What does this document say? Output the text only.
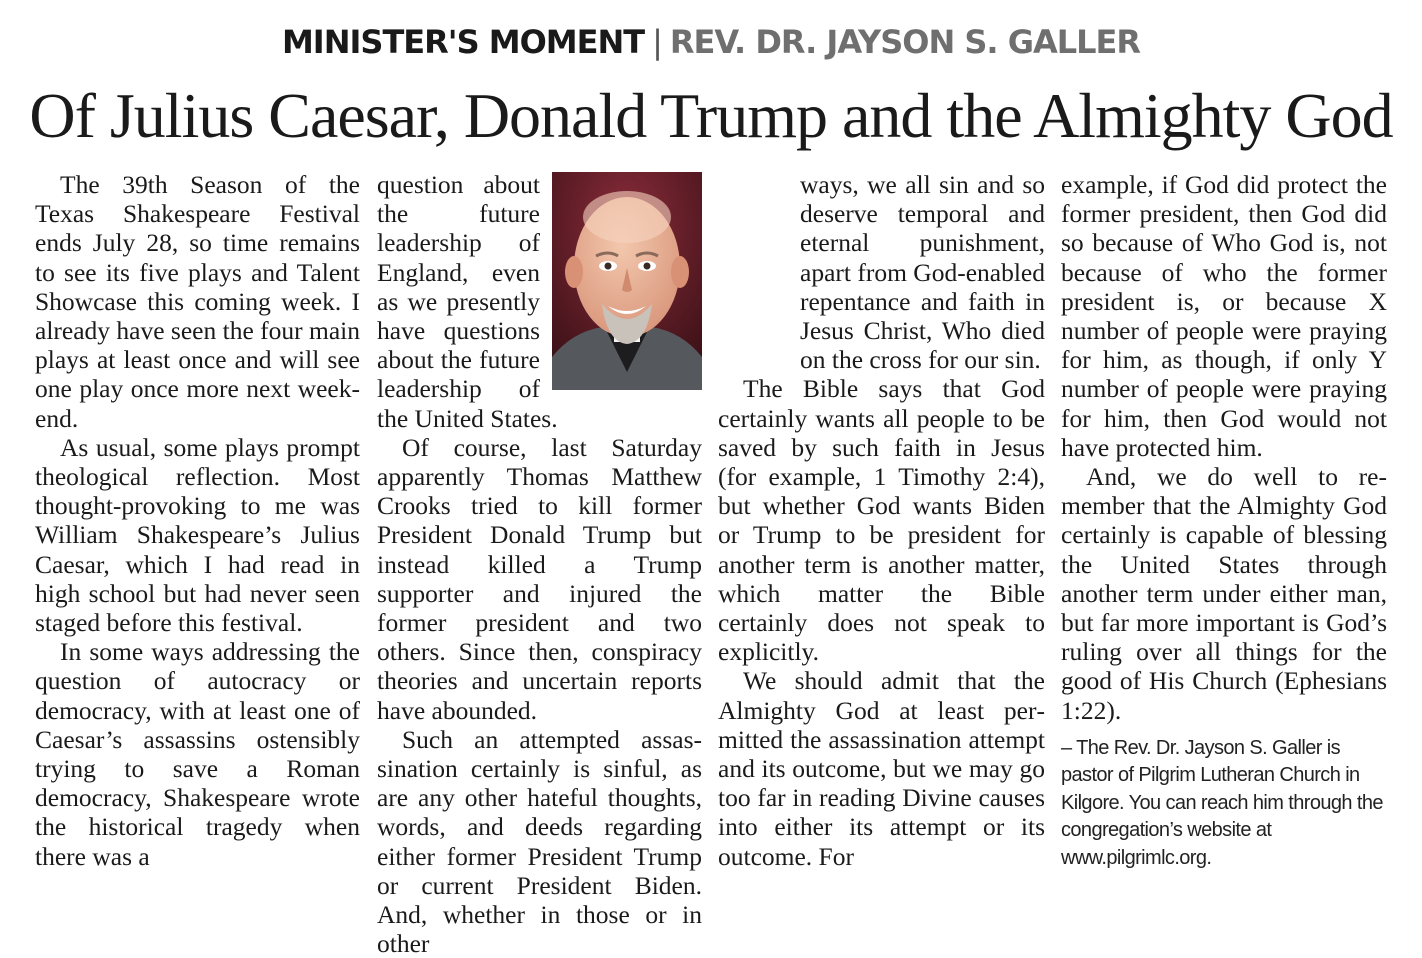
MINISTER'S MOMENT | REV. DR. JAYSON S. GALLER
Of Julius Caesar, Donald Trump and the Almighty God

The 39th Season of the Texas Shakespeare Festival ends July 28, so time remains to see its five plays and Talent Showcase this coming week. I already have seen the four main plays at least once and will see one play once more next weekend.

As usual, some plays prompt theological reflection. Most thought-provoking to me was William Shakespeare’s Julius Caesar, which I had read in high school but had never seen staged before this festival.

In some ways addressing the question of autocracy or democracy, with at least one of Caesar’s assassins ostensibly trying to save a Roman democracy, Shakespeare wrote the historical tragedy when there was a

question about the future leadership of England, even as we presently have questions about the future leadership of the United States.

Of course, last Saturday apparently Thomas Matthew Crooks tried to kill former President Donald Trump but instead killed a Trump supporter and injured the former president and two others. Since then, conspiracy theories and uncertain reports have abounded.

Such an attempted assassination certainly is sinful, as are any other hateful thoughts, words, and deeds regarding either former President Trump or current President Biden. And, whether in those or in other

ways, we all sin and so deserve temporal and eternal punishment, apart from God-enabled repentance and faith in Jesus Christ, Who died on the cross for our sin.

The Bible says that God certainly wants all people to be saved by such faith in Jesus (for example, 1 Timothy 2:4), but whether God wants Biden or Trump to be president for another term is another matter, which matter the Bible certainly does not speak to explicitly.

We should admit that the Almighty God at least permitted the assassination attempt and its outcome, but we may go too far in reading Divine causes into either its attempt or its outcome. For

example, if God did protect the former president, then God did so because of Who God is, not because of who the former president is, or because X number of people were praying for him, as though, if only Y number of people were praying for him, then God would not have protected him.

And, we do well to remember that the Almighty God certainly is capable of blessing the United States through another term under either man, but far more important is God’s ruling over all things for the good of His Church (Ephesians 1:22).

– The Rev. Dr. Jayson S. Galler is pastor of Pilgrim Lutheran Church in Kilgore. You can reach him through the congregation’s website at www.pilgrimlc.org.
